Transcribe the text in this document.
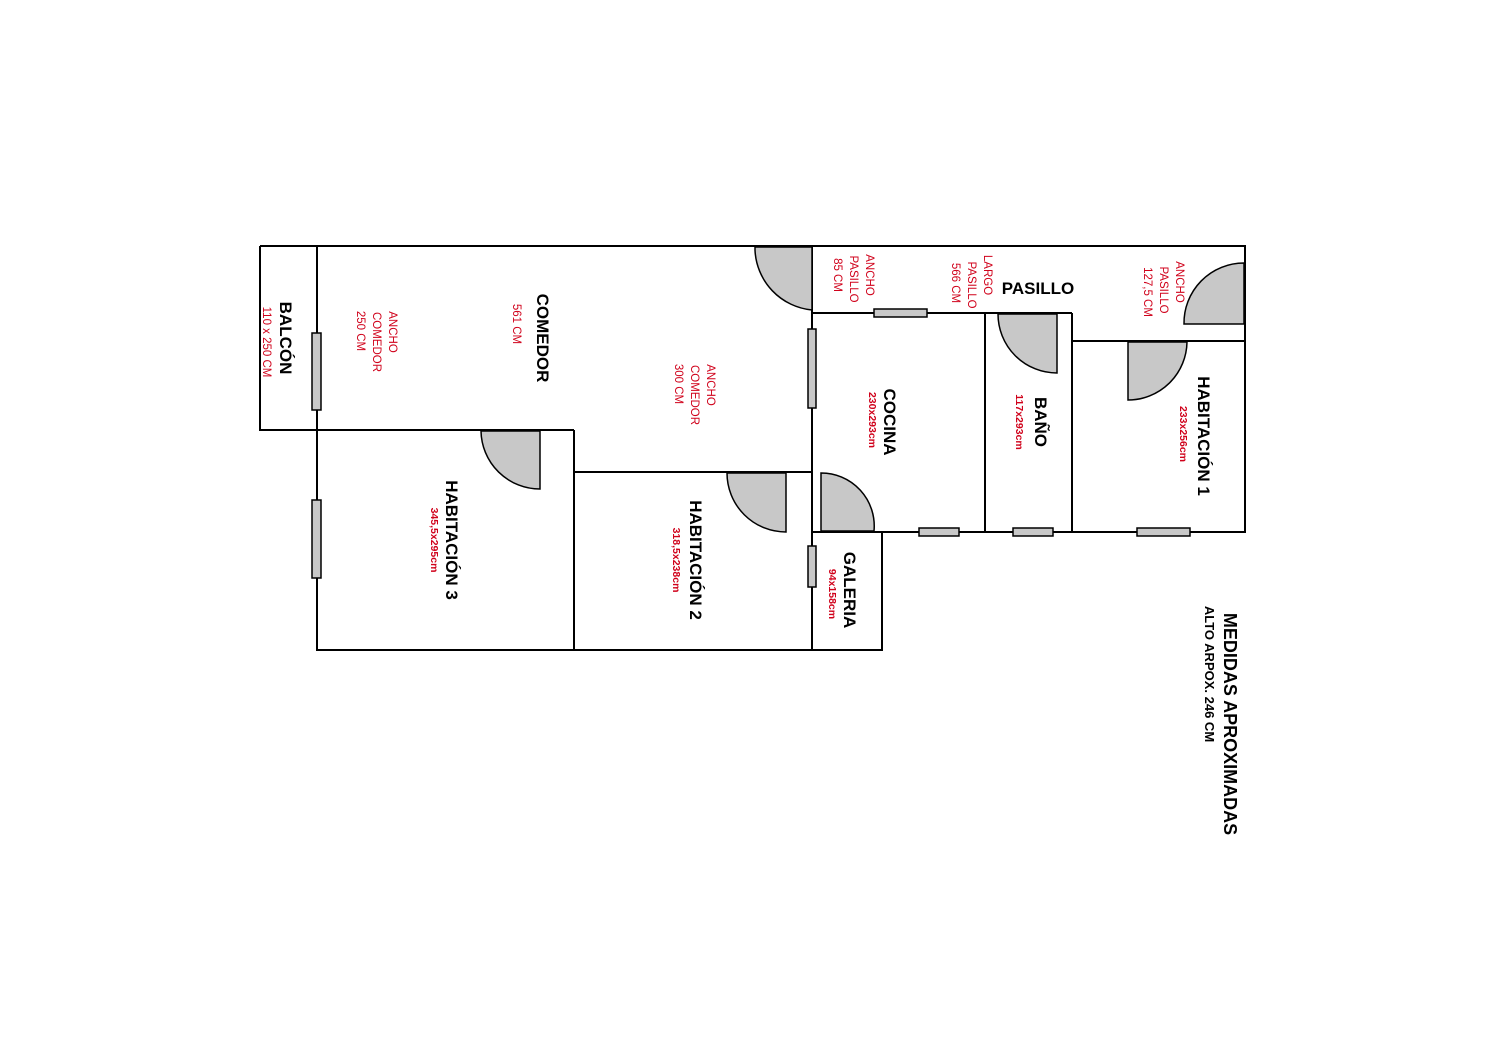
BALCÓN
110 x 250 CM	COMEDOR
561 CM
ANCHO
COMEDOR
250 CM
ANCHO
COMEDOR
300 CM
PASILLO
ANCHO
PASILLO
85 CM	LARGO
PASILLO
566 CM	ANCHO
PASILLO
127,5 CM
COCINA
230x293cm	BAÑO
117x293cm	HABITACIÓN 1
233x256cm
HABITACIÓN 3
345,5x295cm	HABITACIÓN 2
318,5x238cm	GALERIA
94x158cm
MEDIDAS APROXIMADAS
ALTO ARPOX. 246 CM
